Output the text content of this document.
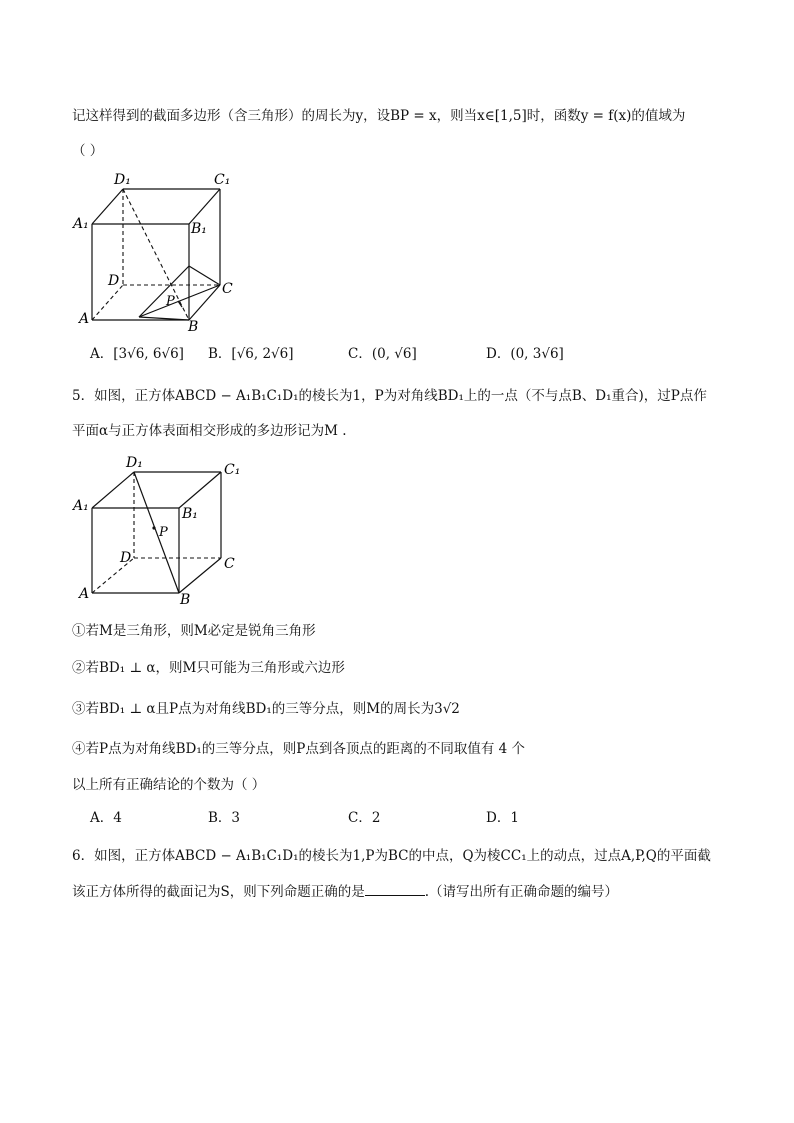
记这样得到的截面多边形（含三角形）的周长为y，设BP = x，则当x∈[1,5]时，函数y = f(x)的值域为
（ ）
D₁	C₁
A₁	B₁
D	C
A	B
P
A．[3√6, 6√6] B．[√6, 2√6]	C．(0, √6]	D．(0, 3√6]
5．如图，正方体ABCD − A₁B₁C₁D₁的棱长为1，P为对角线BD₁上的一点（不与点B、D₁重合)，过P点作
平面α与正方体表面相交形成的多边形记为M .
D₁	C₁
A₁	B₁
P
D	C
A	B
①若M是三角形，则M必定是锐角三角形
②若BD₁ ⊥ α，则M只可能为三角形或六边形
③若BD₁ ⊥ α且P点为对角线BD₁的三等分点，则M的周长为3√2
④若P点为对角线BD₁的三等分点，则P点到各顶点的距离的不同取值有 4 个
以上所有正确结论的个数为（ ）
A．4	B．3	C．2	D．1
6．如图，正方体ABCD − A₁B₁C₁D₁的棱长为1,P为BC的中点，Q为棱CC₁上的动点，过点A,P,Q的平面截
该正方体所得的截面记为S，则下列命题正确的是	.（请写出所有正确命题的编号）
